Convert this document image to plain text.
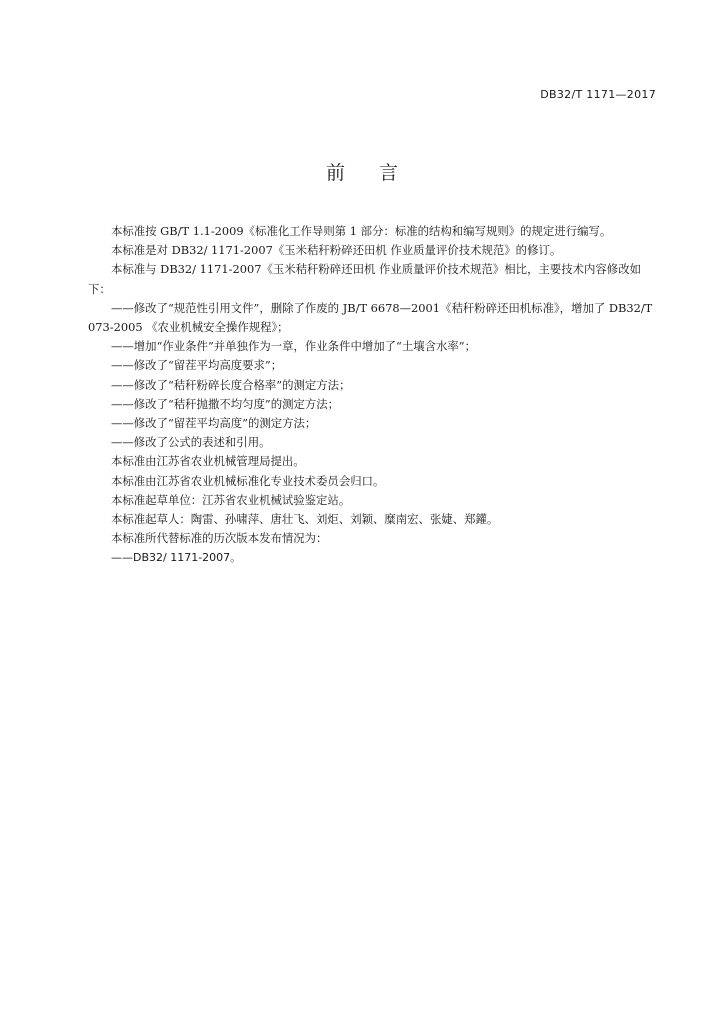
DB32/T 1171—2017
前言

本标准按 GB/T 1.1-2009《标准化工作导则第 1 部分：标准的结构和编写规则》的规定进行编写。

本标准是对 DB32/ 1171-2007《玉米秸秆粉碎还田机 作业质量评价技术规范》的修订。

本标准与 DB32/ 1171-2007《玉米秸秆粉碎还田机 作业质量评价技术规范》相比，主要技术内容修改如下：

——修改了“规范性引用文件”，删除了作废的 JB/T 6678—2001《秸秆粉碎还田机标准》，增加了 DB32/T 073-2005 《农业机械安全操作规程》；

——增加“作业条件”并单独作为一章，作业条件中增加了“土壤含水率”；

——修改了“留茬平均高度要求”；

——修改了“秸秆粉碎长度合格率”的测定方法；

——修改了“秸秆抛撒不均匀度”的测定方法；

——修改了“留茬平均高度”的测定方法；

——修改了公式的表述和引用。

本标准由江苏省农业机械管理局提出。

本标准由江苏省农业机械标准化专业技术委员会归口。

本标准起草单位：江苏省农业机械试验鉴定站。

本标准起草人：陶雷、孙啸萍、唐壮飞、刘炬、刘颖、糜南宏、张婕、郑鑵。

本标准所代替标准的历次版本发布情况为：

——DB32/ 1171-2007。
